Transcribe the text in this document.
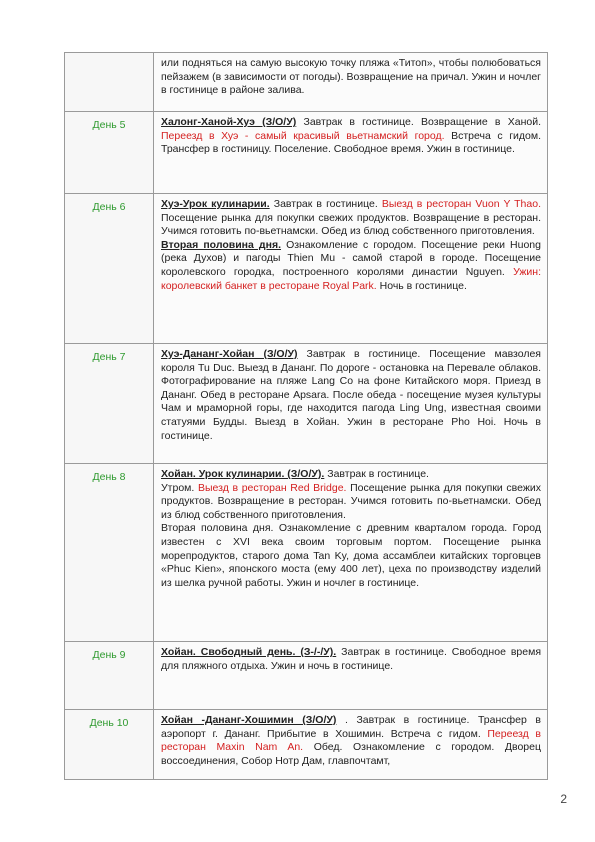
	или подняться на самую высокую точку пляжа «Титоп», чтобы полюбоваться пейзажем (в зависимости от погоды). Возвращение на причал. Ужин и ночлег в гостинице в районе залива.

День 5	Халонг-Ханой-Хуэ (З/О/У) Завтрак в гостинице. Возвращение в Ханой. Переезд в Хуэ - самый красивый вьетнамский город. Встреча с гидом. Трансфер в гостиницу. Поселение. Свободное время. Ужин в гостинице.

День 6	Хуэ-Урок кулинарии. Завтрак в гостинице. Выезд в ресторан Vuon Y Thao. Посещение рынка для покупки свежих продуктов. Возвращение в ресторан. Учимся готовить по-вьетнамски. Обед из блюд собственного приготовления.

Вторая половина дня. Ознакомление с городом. Посещение реки Huong (река Духов) и пагоды Thien Mu - самой старой в городе. Посещение королевского городка, построенного королями династии Nguyen. Ужин: королевский банкет в ресторане Royal Park. Ночь в гостинице.

День 7	Хуэ-Дананг-Хойан (З/О/У) Завтрак в гостинице. Посещение мавзолея короля Tu Duc. Выезд в Дананг. По дороге - остановка на Перевале облаков. Фотографирование на пляже Lang Co на фоне Китайского моря. Приезд в Дананг. Обед в ресторане Apsara. После обеда - посещение музея культуры Чам и мраморной горы, где находится пагода Ling Ung, известная своими статуями Будды. Выезд в Хойан. Ужин в ресторане Pho Hoi. Ночь в гостинице.

День 8	Хойан. Урок кулинарии. (З/О/У). Завтрак в гостинице.

Утром. Выезд в ресторан Red Bridge. Посещение рынка для покупки свежих продуктов. Возвращение в ресторан. Учимся готовить по-вьетнамски. Обед из блюд собственного приготовления.

Вторая половина дня. Ознакомление с древним кварталом города. Город известен с XVI века своим торговым портом. Посещение рынка морепродуктов, старого дома Tan Ky, дома ассамблеи китайских торговцев «Phuc Kien», японского моста (ему 400 лет), цеха по производству изделий из шелка ручной работы. Ужин и ночлег в гостинице.

День 9	Хойан. Свободный день. (З-/-/У). Завтрак в гостинице. Свободное время для пляжного отдыха. Ужин и ночь в гостинице.

День 10	Хойан -Дананг-Хошимин (З/О/У) . Завтрак в гостинице. Трансфер в аэропорт г. Дананг. Прибытие в Хошимин. Встреча с гидом. Переезд в ресторан Maxin Nam An. Обед. Ознакомление с городом. Дворец воссоединения, Собор Нотр Дам, главпочтамт,

2
